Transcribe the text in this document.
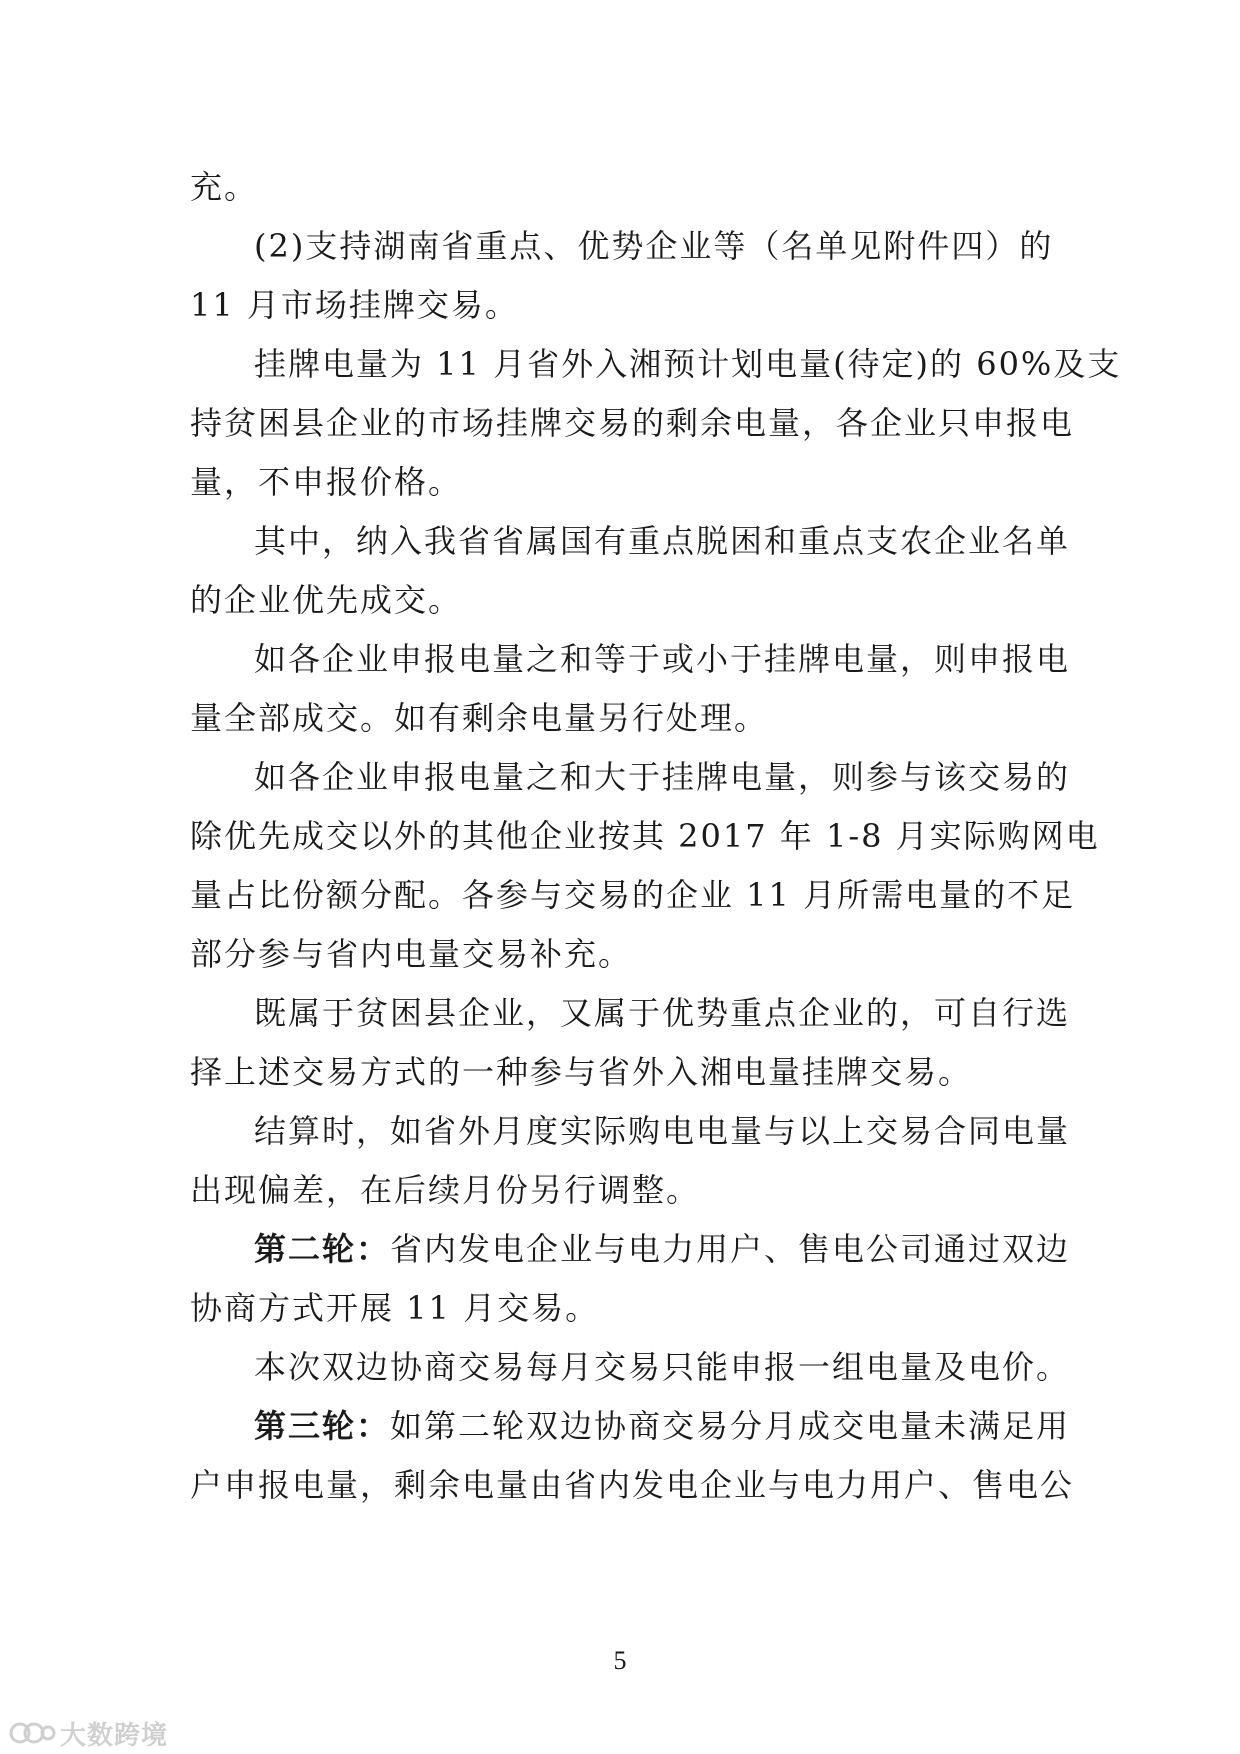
充。
(2)支持湖南省重点、优势企业等（名单见附件四）的
11 月市场挂牌交易。
挂牌电量为 11 月省外入湘预计划电量(待定)的 60%及支
持贫困县企业的市场挂牌交易的剩余电量，各企业只申报电
量，不申报价格。
其中，纳入我省省属国有重点脱困和重点支农企业名单
的企业优先成交。
如各企业申报电量之和等于或小于挂牌电量，则申报电
量全部成交。如有剩余电量另行处理。
如各企业申报电量之和大于挂牌电量，则参与该交易的
除优先成交以外的其他企业按其 2017 年 1-8 月实际购网电
量占比份额分配。各参与交易的企业 11 月所需电量的不足
部分参与省内电量交易补充。
既属于贫困县企业，又属于优势重点企业的，可自行选
择上述交易方式的一种参与省外入湘电量挂牌交易。
结算时，如省外月度实际购电电量与以上交易合同电量
出现偏差，在后续月份另行调整。
第二轮：省内发电企业与电力用户、售电公司通过双边
协商方式开展 11 月交易。
本次双边协商交易每月交易只能申报一组电量及电价。
第三轮：如第二轮双边协商交易分月成交电量未满足用
户申报电量，剩余电量由省内发电企业与电力用户、售电公
5
大数跨境
